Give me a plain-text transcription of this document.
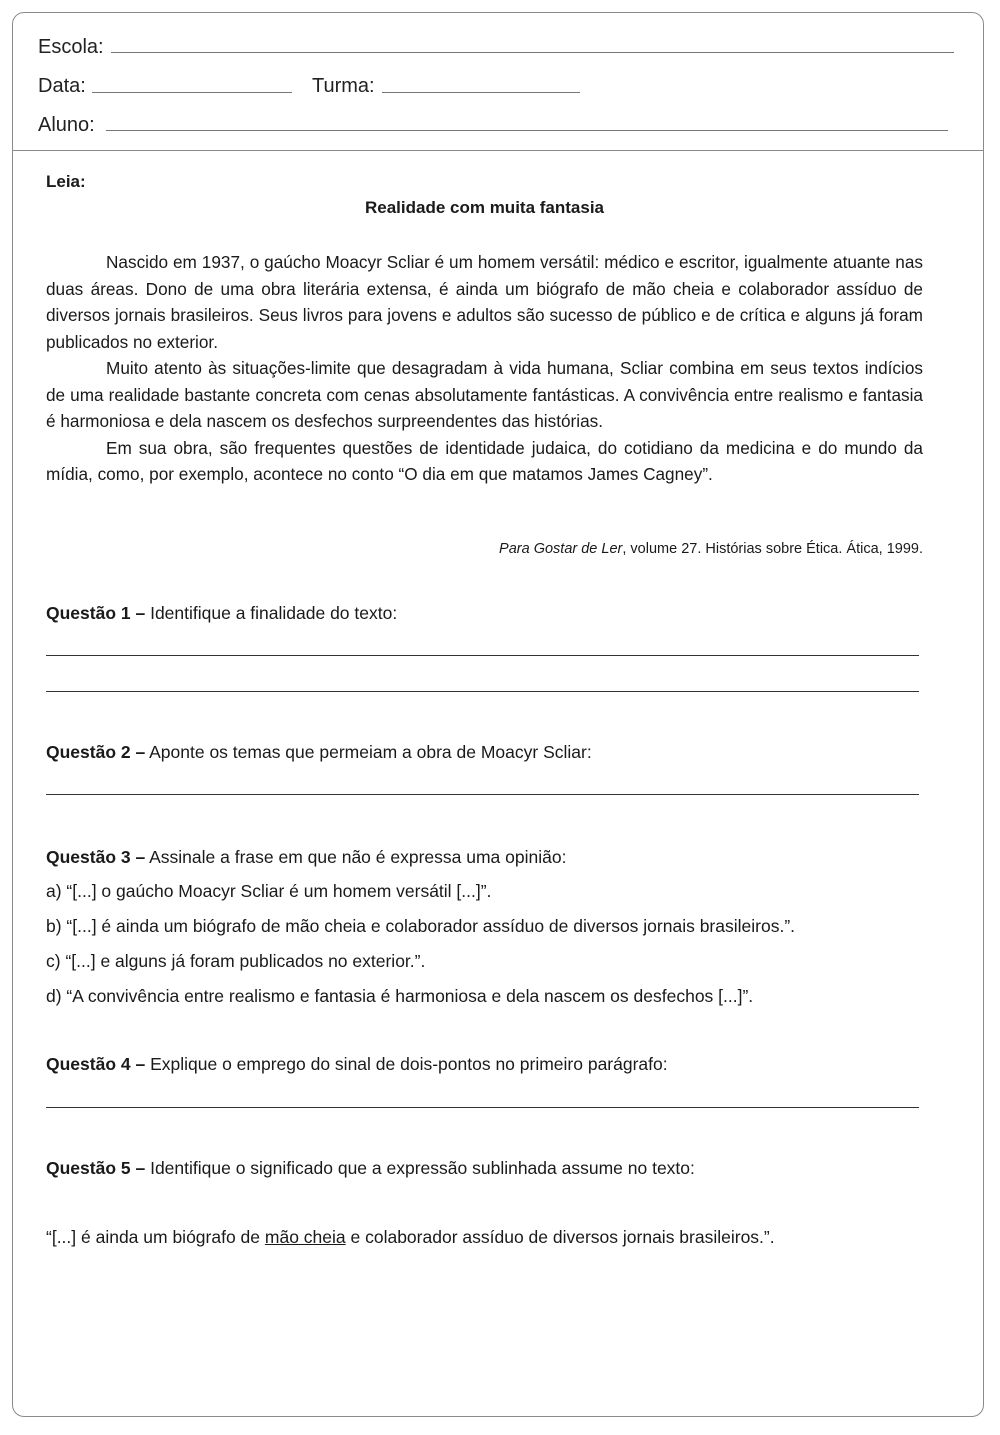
Escola:
Data:	Turma:
Aluno:
Leia:
Realidade com muita fantasia

Nascido em 1937, o gaúcho Moacyr Scliar é um homem versátil: médico e escritor, igualmente atuante nas duas áreas. Dono de uma obra literária extensa, é ainda um biógrafo de mão cheia e colaborador assíduo de diversos jornais brasileiros. Seus livros para jovens e adultos são sucesso de público e de crítica e alguns já foram publicados no exterior.

Muito atento às situações-limite que desagradam à vida humana, Scliar combina em seus textos indícios de uma realidade bastante concreta com cenas absolutamente fantásticas. A convivência entre realismo e fantasia é harmoniosa e dela nascem os desfechos surpreendentes das histórias.

Em sua obra, são frequentes questões de identidade judaica, do cotidiano da medicina e do mundo da mídia, como, por exemplo, acontece no conto “O dia em que matamos James Cagney”.

Para Gostar de Ler, volume 27. Histórias sobre Ética. Ática, 1999.
Questão 1 – Identifique a finalidade do texto:
Questão 2 – Aponte os temas que permeiam a obra de Moacyr Scliar:
Questão 3 – Assinale a frase em que não é expressa uma opinião:
a) “[...] o gaúcho Moacyr Scliar é um homem versátil [...]”.
b) “[...] é ainda um biógrafo de mão cheia e colaborador assíduo de diversos jornais brasileiros.”.
c) “[...] e alguns já foram publicados no exterior.”.
d) “A convivência entre realismo e fantasia é harmoniosa e dela nascem os desfechos [...]”.
Questão 4 – Explique o emprego do sinal de dois-pontos no primeiro parágrafo:
Questão 5 – Identifique o significado que a expressão sublinhada assume no texto:
“[...] é ainda um biógrafo de mão cheia e colaborador assíduo de diversos jornais brasileiros.”.
